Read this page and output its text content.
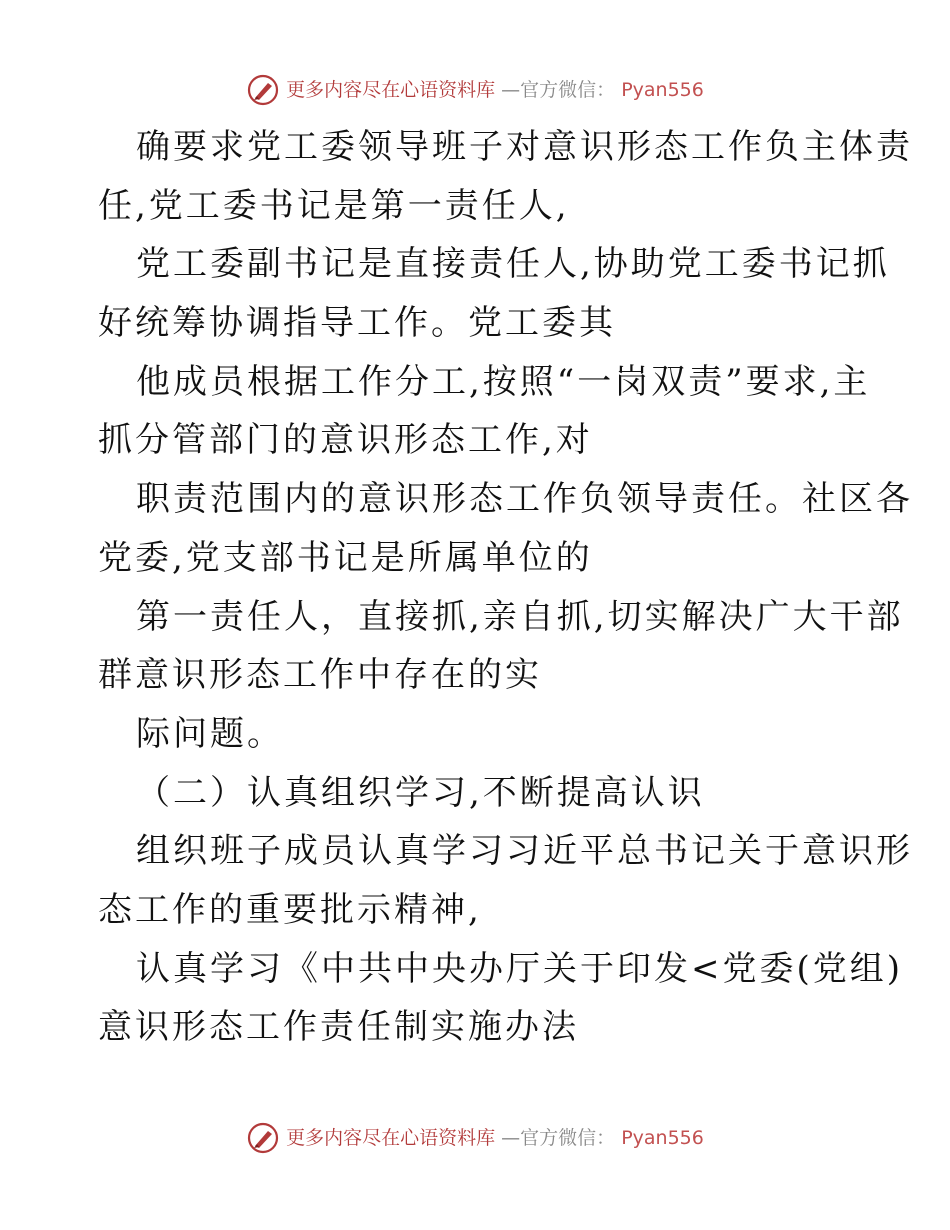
更多内容尽在心语资料库 —官方微信： Pyan556

确要求党工委领导班子对意识形态工作负主体责

任,党工委书记是第一责任人,

党工委副书记是直接责任人,协助党工委书记抓

好统筹协调指导工作。党工委其

他成员根据工作分工,按照“一岗双责”要求,主

抓分管部门的意识形态工作,对

职责范围内的意识形态工作负领导责任。社区各

党委,党支部书记是所属单位的

第一责任人，直接抓,亲自抓,切实解决广大干部

群意识形态工作中存在的实

际问题。

（二）认真组织学习,不断提高认识

组织班子成员认真学习习近平总书记关于意识形

态工作的重要批示精神,

认真学习《中共中央办厅关于印发<党委(党组)

意识形态工作责任制实施办法

更多内容尽在心语资料库 —官方微信： Pyan556
